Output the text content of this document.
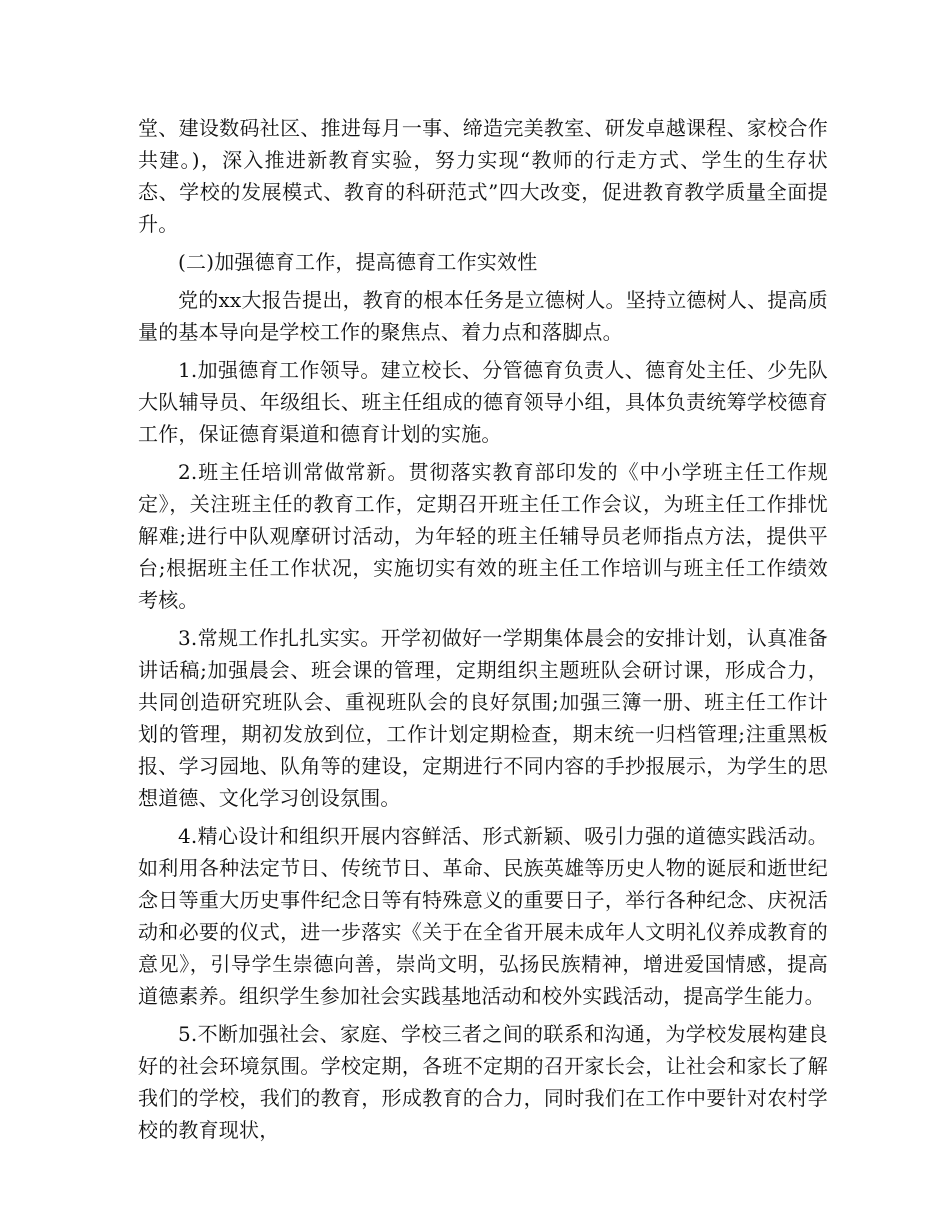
堂、建设数码社区、推进每月一事、缔造完美教室、研发卓越课程、家校合作共建。)，深入推进新教育实验，努力实现“教师的行走方式、学生的生存状态、学校的发展模式、教育的科研范式”四大改变，促进教育教学质量全面提升。

(二)加强德育工作，提高德育工作实效性

党的xx大报告提出，教育的根本任务是立德树人。坚持立德树人、提高质量的基本导向是学校工作的聚焦点、着力点和落脚点。

1.加强德育工作领导。建立校长、分管德育负责人、德育处主任、少先队大队辅导员、年级组长、班主任组成的德育领导小组，具体负责统筹学校德育工作，保证德育渠道和德育计划的实施。

2.班主任培训常做常新。贯彻落实教育部印发的《中小学班主任工作规定》，关注班主任的教育工作，定期召开班主任工作会议，为班主任工作排忧解难;进行中队观摩研讨活动，为年轻的班主任辅导员老师指点方法，提供平台;根据班主任工作状况，实施切实有效的班主任工作培训与班主任工作绩效考核。

3.常规工作扎扎实实。开学初做好一学期集体晨会的安排计划，认真准备讲话稿;加强晨会、班会课的管理，定期组织主题班队会研讨课，形成合力，共同创造研究班队会、重视班队会的良好氛围;加强三簿一册、班主任工作计划的管理，期初发放到位，工作计划定期检查，期末统一归档管理;注重黑板报、学习园地、队角等的建设，定期进行不同内容的手抄报展示，为学生的思想道德、文化学习创设氛围。

4.精心设计和组织开展内容鲜活、形式新颖、吸引力强的道德实践活动。如利用各种法定节日、传统节日、革命、民族英雄等历史人物的诞辰和逝世纪念日等重大历史事件纪念日等有特殊意义的重要日子，举行各种纪念、庆祝活动和必要的仪式，进一步落实《关于在全省开展未成年人文明礼仪养成教育的意见》，引导学生崇德向善，崇尚文明，弘扬民族精神，增进爱国情感，提高道德素养。组织学生参加社会实践基地活动和校外实践活动，提高学生能力。

5.不断加强社会、家庭、学校三者之间的联系和沟通，为学校发展构建良好的社会环境氛围。学校定期，各班不定期的召开家长会，让社会和家长了解我们的学校，我们的教育，形成教育的合力，同时我们在工作中要针对农村学校的教育现状，
